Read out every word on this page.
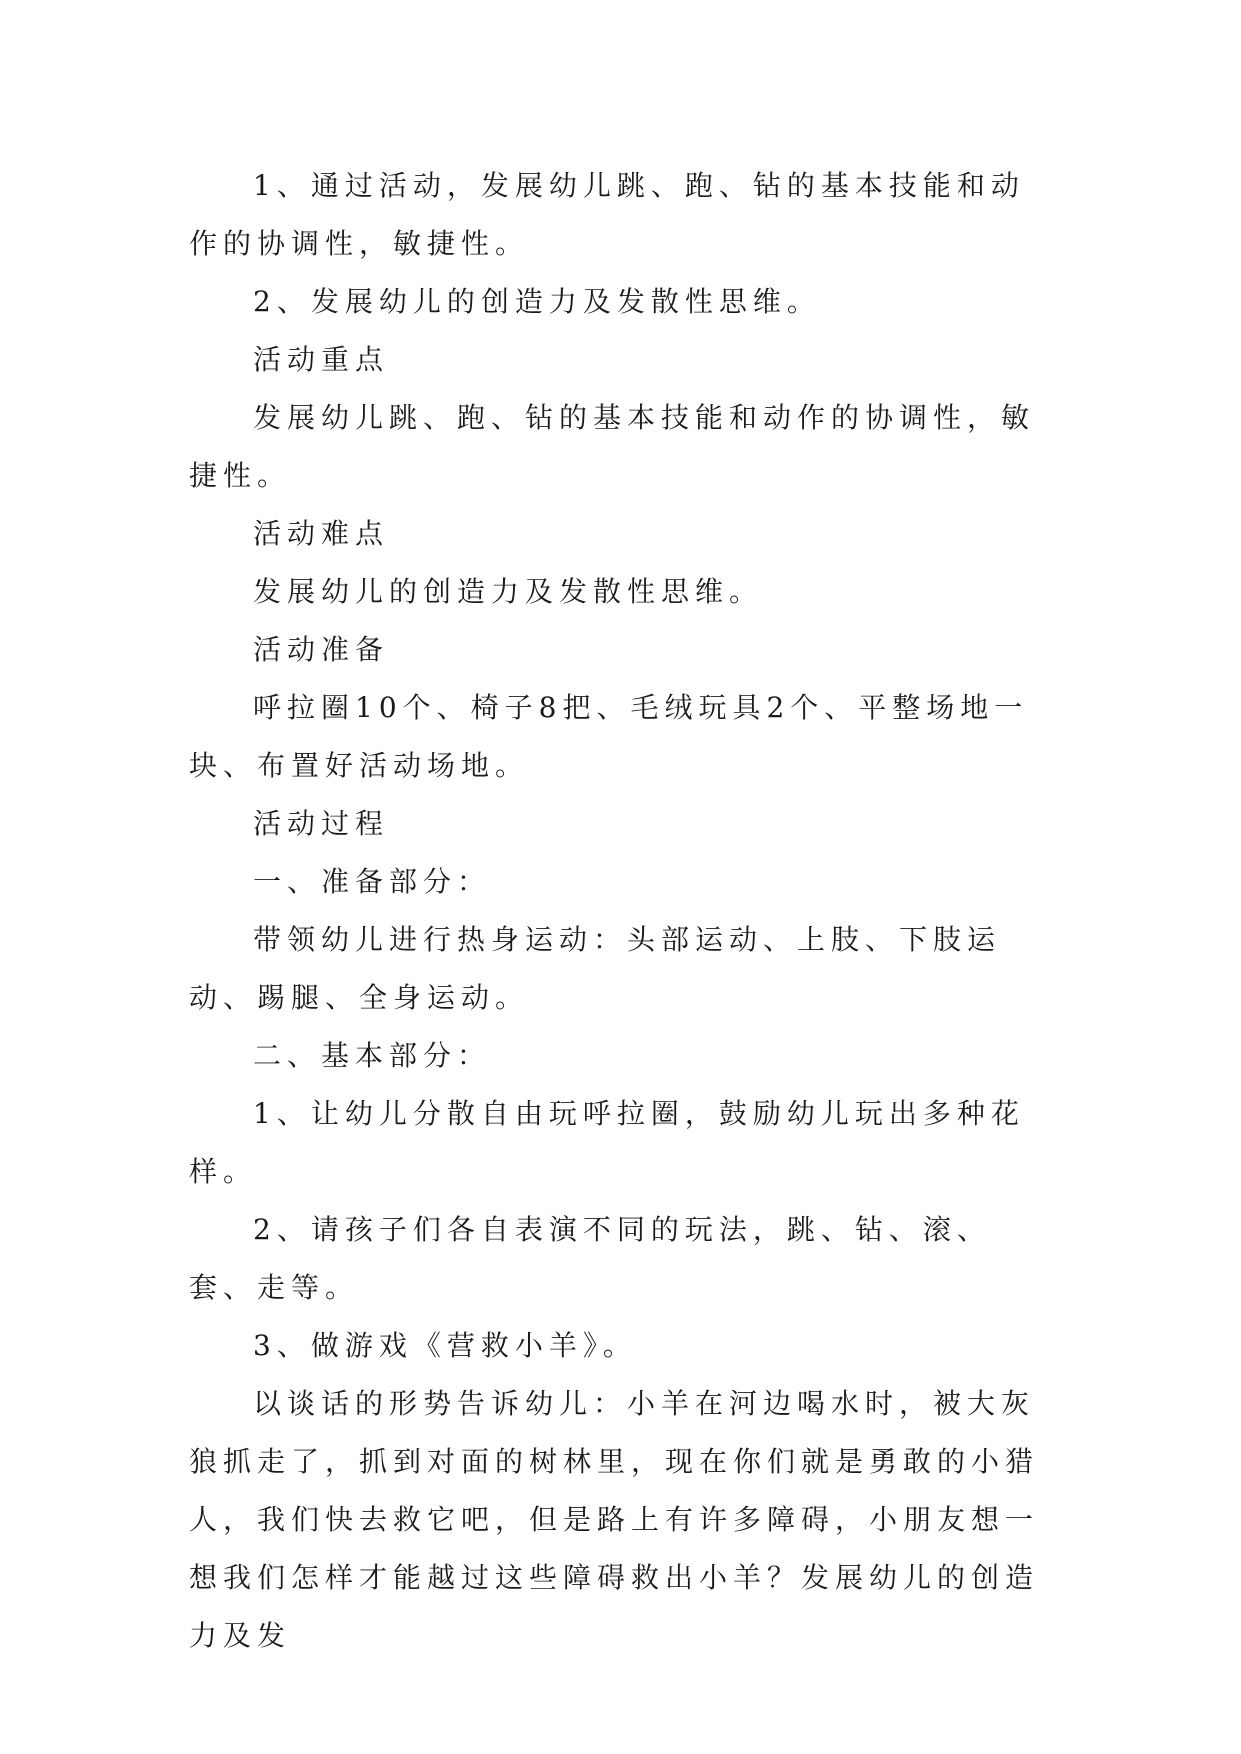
1、通过活动，发展幼儿跳、跑、钻的基本技能和动作的协调性，敏捷性。

2、发展幼儿的创造力及发散性思维。

活动重点

发展幼儿跳、跑、钻的基本技能和动作的协调性，敏捷性。

活动难点

发展幼儿的创造力及发散性思维。

活动准备

呼拉圈10个、椅子8把、毛绒玩具2个、平整场地一块、布置好活动场地。

活动过程

一、准备部分：

带领幼儿进行热身运动：头部运动、上肢、下肢运动、踢腿、全身运动。

二、基本部分：

1、让幼儿分散自由玩呼拉圈，鼓励幼儿玩出多种花样。

2、请孩子们各自表演不同的玩法，跳、钻、滚、套、走等。

3、做游戏《营救小羊》。

以谈话的形势告诉幼儿：小羊在河边喝水时，被大灰狼抓走了，抓到对面的树林里，现在你们就是勇敢的小猎人，我们快去救它吧，但是路上有许多障碍，小朋友想一想我们怎样才能越过这些障碍救出小羊？发展幼儿的创造力及发
